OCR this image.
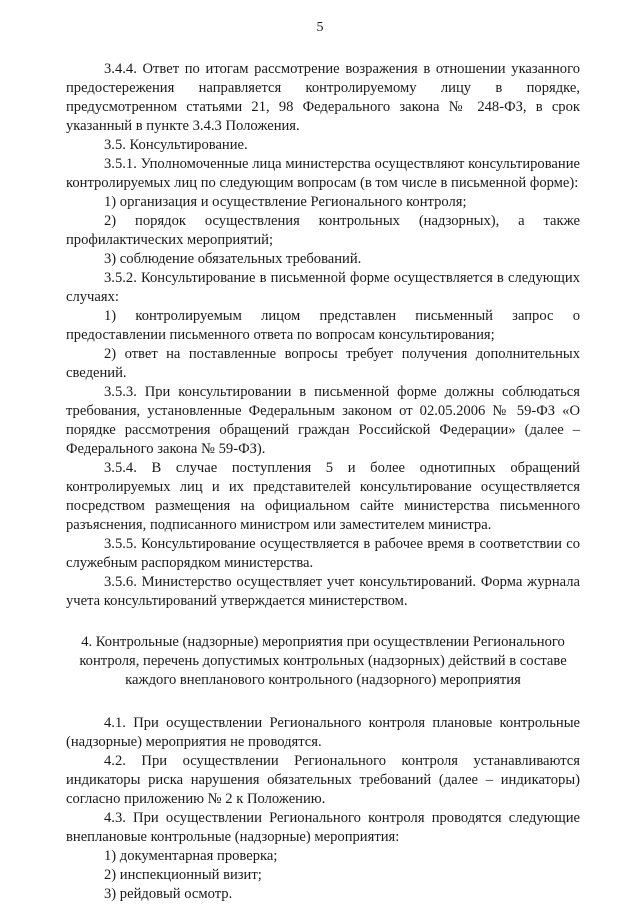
5

3.4.4. Ответ по итогам рассмотрение возражения в отношении указанного предостережения направляется контролируемому лицу в порядке, предусмотренном статьями 21, 98 Федерального закона № 248-ФЗ, в срок указанный в пункте 3.4.3 Положения.

3.5. Консультирование.

3.5.1. Уполномоченные лица министерства осуществляют консультирование контролируемых лиц по следующим вопросам (в том числе в письменной форме):

1) организация и осуществление Регионального контроля;

2) порядок осуществления контрольных (надзорных), а также профилактических мероприятий;

3) соблюдение обязательных требований.

3.5.2. Консультирование в письменной форме осуществляется в следующих случаях:

1) контролируемым лицом представлен письменный запрос о предоставлении письменного ответа по вопросам консультирования;

2) ответ на поставленные вопросы требует получения дополнительных сведений.

3.5.3. При консультировании в письменной форме должны соблюдаться требования, установленные Федеральным законом от 02.05.2006 № 59-ФЗ «О порядке рассмотрения обращений граждан Российской Федерации» (далее – Федерального закона № 59-ФЗ).

3.5.4. В случае поступления 5 и более однотипных обращений контролируемых лиц и их представителей консультирование осуществляется посредством размещения на официальном сайте министерства письменного разъяснения, подписанного министром или заместителем министра.

3.5.5. Консультирование осуществляется в рабочее время в соответствии со служебным распорядком министерства.

3.5.6. Министерство осуществляет учет консультирований. Форма журнала учета консультирований утверждается министерством.

4. Контрольные (надзорные) мероприятия при осуществлении Регионального контроля, перечень допустимых контрольных (надзорных) действий в составе каждого внепланового контрольного (надзорного) мероприятия

4.1. При осуществлении Регионального контроля плановые контрольные (надзорные) мероприятия не проводятся.

4.2. При осуществлении Регионального контроля устанавливаются индикаторы риска нарушения обязательных требований (далее – индикаторы) согласно приложению № 2 к Положению.

4.3. При осуществлении Регионального контроля проводятся следующие внеплановые контрольные (надзорные) мероприятия:

1) документарная проверка;

2) инспекционный визит;

3) рейдовый осмотр.
